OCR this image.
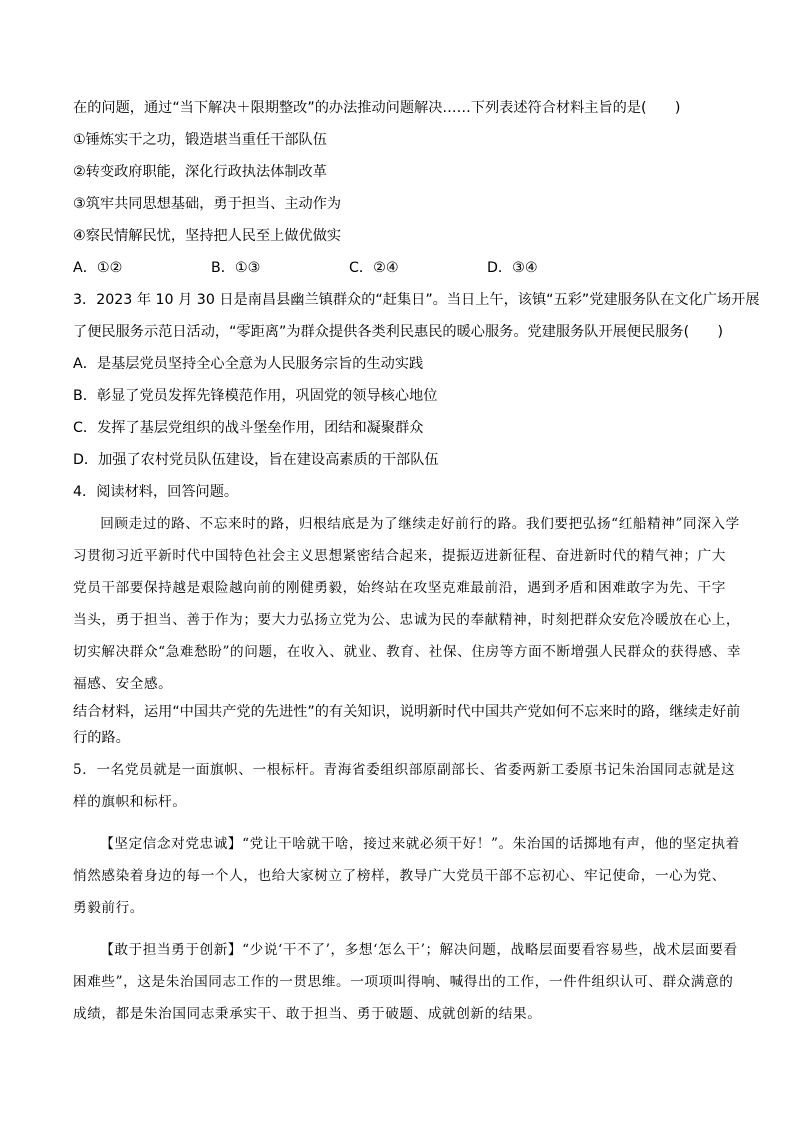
在的问题，通过“当下解决＋限期整改”的办法推动问题解决……下列表述符合材料主旨的是(　　)
①锤炼实干之功，锻造堪当重任干部队伍
②转变政府职能，深化行政执法体制改革
③筑牢共同思想基础，勇于担当、主动作为
④察民情解民忧，坚持把人民至上做优做实
A．①②	B．①③	C．②④	D．③④
3．2023 年 10 月 30 日是南昌县幽兰镇群众的“赶集日”。当日上午，该镇“五彩”党建服务队在文化广场开展
了便民服务示范日活动，“零距离”为群众提供各类利民惠民的暖心服务。党建服务队开展便民服务(　　)
A．是基层党员坚持全心全意为人民服务宗旨的生动实践
B．彰显了党员发挥先锋模范作用，巩固党的领导核心地位
C．发挥了基层党组织的战斗堡垒作用，团结和凝聚群众
D．加强了农村党员队伍建设，旨在建设高素质的干部队伍
4．阅读材料，回答问题。
回顾走过的路、不忘来时的路，归根结底是为了继续走好前行的路。我们要把弘扬“红船精神”同深入学
习贯彻习近平新时代中国特色社会主义思想紧密结合起来，提振迈进新征程、奋进新时代的精气神；广大
党员干部要保持越是艰险越向前的刚健勇毅，始终站在攻坚克难最前沿，遇到矛盾和困难敢字为先、干字
当头，勇于担当、善于作为；要大力弘扬立党为公、忠诚为民的奉献精神，时刻把群众安危冷暖放在心上，
切实解决群众“急难愁盼”的问题，在收入、就业、教育、社保、住房等方面不断增强人民群众的获得感、幸
福感、安全感。
结合材料，运用“中国共产党的先进性”的有关知识，说明新时代中国共产党如何不忘来时的路，继续走好前
行的路。
5．一名党员就是一面旗帜、一根标杆。青海省委组织部原副部长、省委两新工委原书记朱治国同志就是这
样的旗帜和标杆。
【坚定信念对党忠诚】“党让干啥就干啥，接过来就必须干好！”。朱治国的话掷地有声，他的坚定执着
悄然感染着身边的每一个人，也给大家树立了榜样，教导广大党员干部不忘初心、牢记使命，一心为党、
勇毅前行。
【敢于担当勇于创新】“少说‘干不了’，多想‘怎么干’；解决问题，战略层面要看容易些，战术层面要看
困难些”，这是朱治国同志工作的一贯思维。一项项叫得响、喊得出的工作，一件件组织认可、群众满意的
成绩，都是朱治国同志秉承实干、敢于担当、勇于破题、成就创新的结果。
